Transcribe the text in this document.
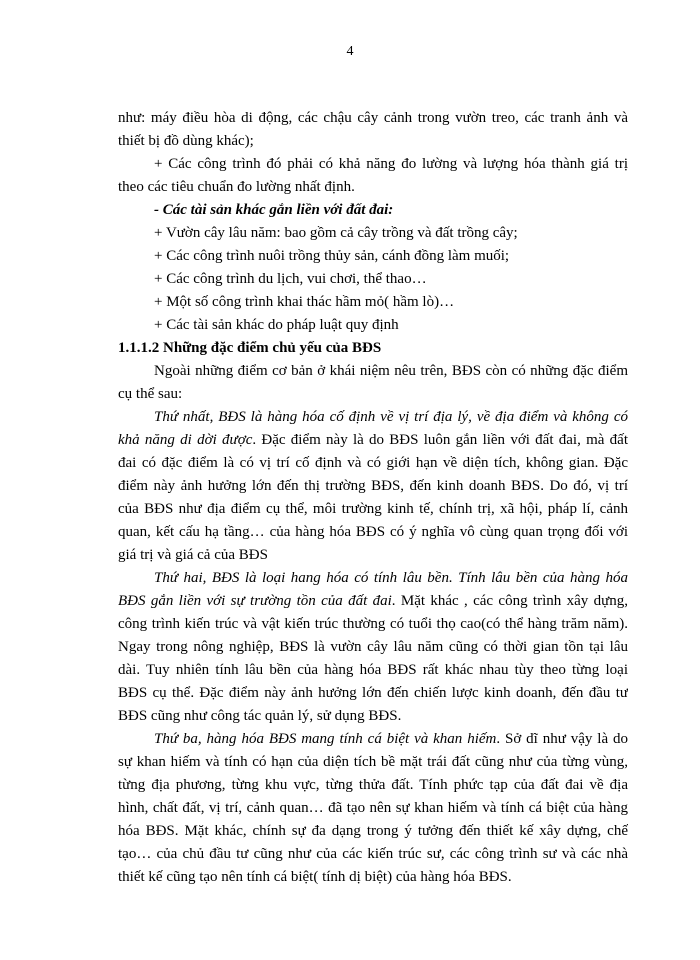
4
như: máy điều hòa di động, các chậu cây cảnh trong vườn treo, các tranh ảnh và
thiết bị đồ dùng khác);
+ Các công trình đó phải có khả năng đo lường và lượng hóa thành giá trị
theo các tiêu chuẩn đo lường nhất định.
- Các tài sản khác gắn liền với đất đai:
+ Vườn cây lâu năm: bao gồm cả cây trồng và đất trồng cây;
+ Các công trình nuôi trồng thủy sản, cánh đồng làm muối;
+ Các công trình du lịch, vui chơi, thể thao…
+ Một số công trình khai thác hầm mỏ( hầm lò)…
+ Các tài sản khác do pháp luật quy định
1.1.1.2 Những đặc điểm chủ yếu của BĐS
Ngoài những điểm cơ bản ở khái niệm nêu trên, BĐS còn có những đặc điểm
cụ thể sau:
Thứ nhất, BĐS là hàng hóa cố định về vị trí địa lý, về địa điểm và không có
khả năng di dời được. Đặc điểm này là do BĐS luôn gắn liền với đất đai, mà đất
đai có đặc điểm là có vị trí cố định và có giới hạn về diện tích, không gian. Đặc
điểm này ảnh hưởng lớn đến thị trường BĐS, đến kinh doanh BĐS. Do đó, vị trí
của BĐS như địa điểm cụ thể, môi trường kinh tế, chính trị, xã hội, pháp lí, cảnh
quan, kết cấu hạ tầng… của hàng hóa BĐS có ý nghĩa vô cùng quan trọng đối với
giá trị và giá cả của BĐS
Thứ hai, BĐS là loại hang hóa có tính lâu bền. Tính lâu bền của hàng hóa
BĐS gắn liền với sự trường tồn của đất đai. Mặt khác , các công trình xây dựng,
công trình kiến trúc và vật kiến trúc thường có tuổi thọ cao(có thể hàng trăm năm).
Ngay trong nông nghiệp, BĐS là vườn cây lâu năm cũng có thời gian tồn tại lâu
dài. Tuy nhiên tính lâu bền của hàng hóa BĐS rất khác nhau tùy theo từng loại
BĐS cụ thể. Đặc điểm này ảnh hưởng lớn đến chiến lược kinh doanh, đến đầu tư
BĐS cũng như công tác quản lý, sử dụng BĐS.
Thứ ba, hàng hóa BĐS mang tính cá biệt và khan hiếm. Sở dĩ như vậy là do
sự khan hiếm và tính có hạn của diện tích bề mặt trái đất cũng như của từng vùng,
từng địa phương, từng khu vực, từng thửa đất. Tính phức tạp của đất đai về địa
hình, chất đất, vị trí, cảnh quan… đã tạo nên sự khan hiếm và tính cá biệt của hàng
hóa BĐS. Mặt khác, chính sự đa dạng trong ý tưởng đến thiết kế xây dựng, chế
tạo… của chủ đầu tư cũng như của các kiến trúc sư, các công trình sư và các nhà
thiết kế cũng tạo nên tính cá biệt( tính dị biệt) của hàng hóa BĐS.
